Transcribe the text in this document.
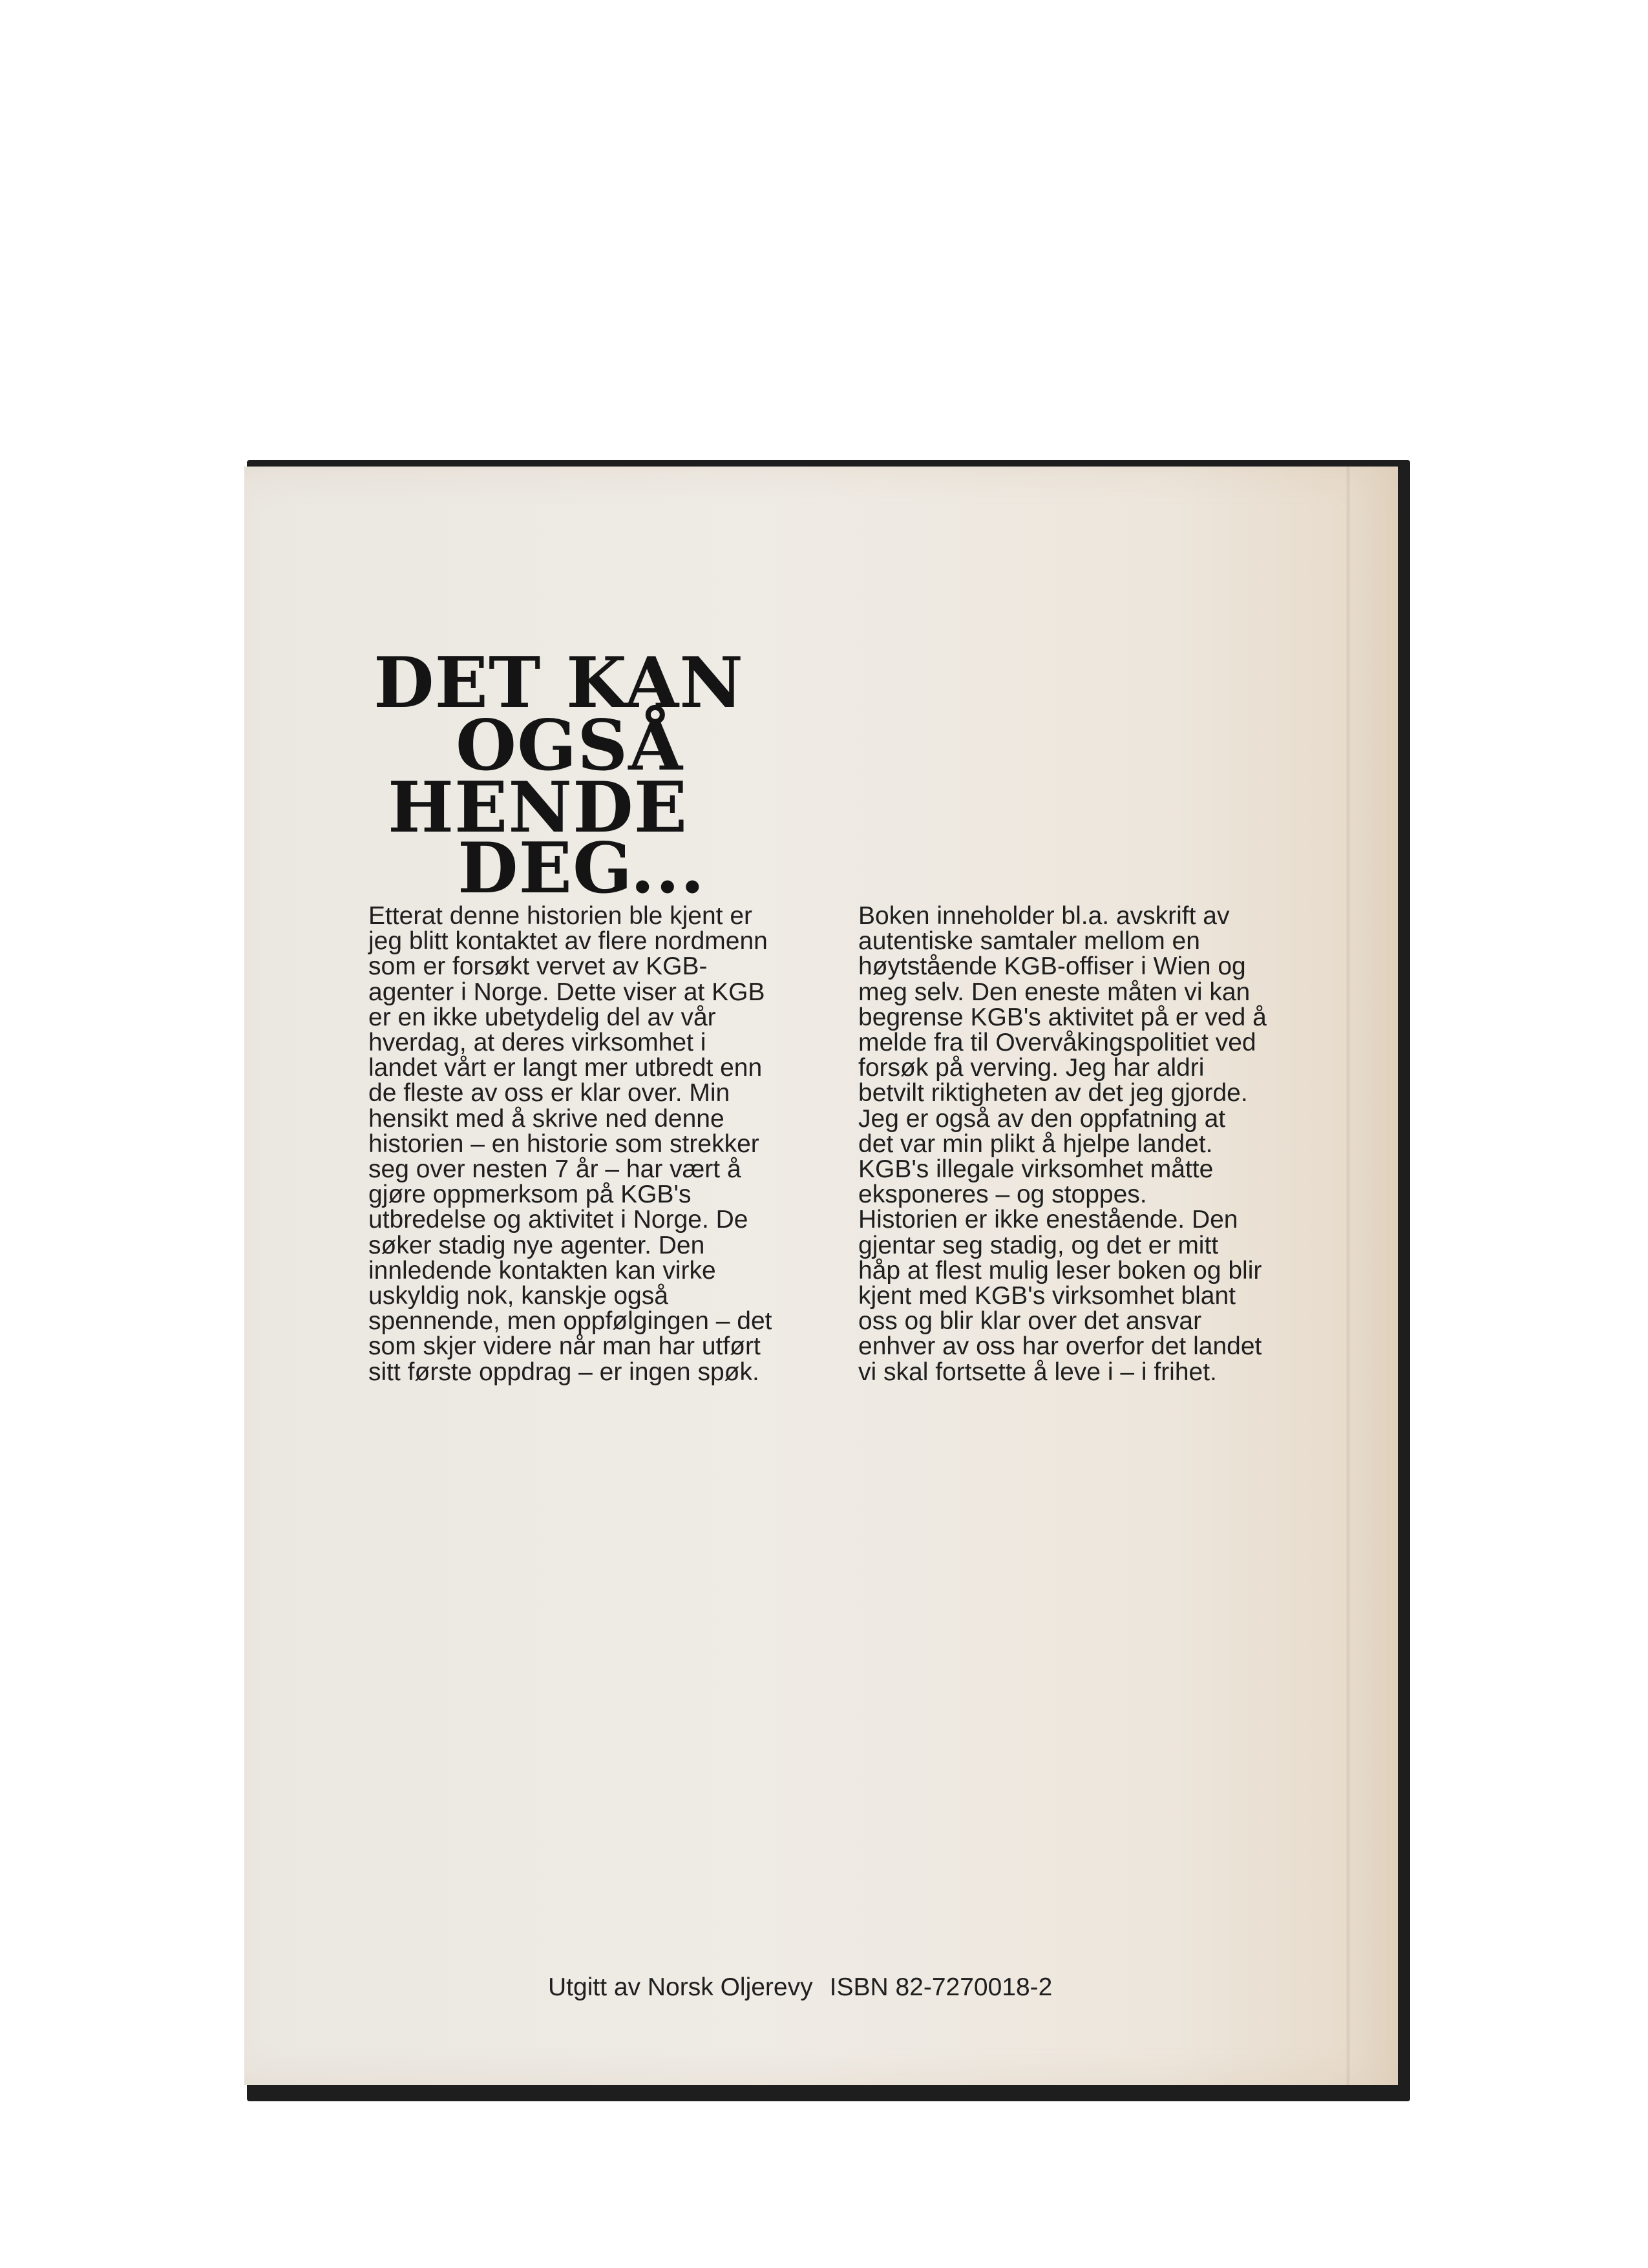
DET KAN
OGSÅ
HENDE
DEG...
Etterat denne historien ble kjent er
jeg blitt kontaktet av flere nordmenn
som er forsøkt vervet av KGB-
agenter i Norge. Dette viser at KGB
er en ikke ubetydelig del av vår
hverdag, at deres virksomhet i
landet vårt er langt mer utbredt enn
de fleste av oss er klar over. Min
hensikt med å skrive ned denne
historien – en historie som strekker
seg over nesten 7 år – har vært å
gjøre oppmerksom på KGB's
utbredelse og aktivitet i Norge. De
søker stadig nye agenter. Den
innledende kontakten kan virke
uskyldig nok, kanskje også
spennende, men oppfølgingen – det
som skjer videre når man har utført
sitt første oppdrag – er ingen spøk.
Boken inneholder bl.a. avskrift av
autentiske samtaler mellom en
høytstående KGB-offiser i Wien og
meg selv. Den eneste måten vi kan
begrense KGB's aktivitet på er ved å
melde fra til Overvåkingspolitiet ved
forsøk på verving. Jeg har aldri
betvilt riktigheten av det jeg gjorde.
Jeg er også av den oppfatning at
det var min plikt å hjelpe landet.
KGB's illegale virksomhet måtte
eksponeres – og stoppes.
Historien er ikke enestående. Den
gjentar seg stadig, og det er mitt
håp at flest mulig leser boken og blir
kjent med KGB's virksomhet blant
oss og blir klar over det ansvar
enhver av oss har overfor det landet
vi skal fortsette å leve i – i frihet.
Utgitt av Norsk Oljerevy ISBN 82-7270018-2
